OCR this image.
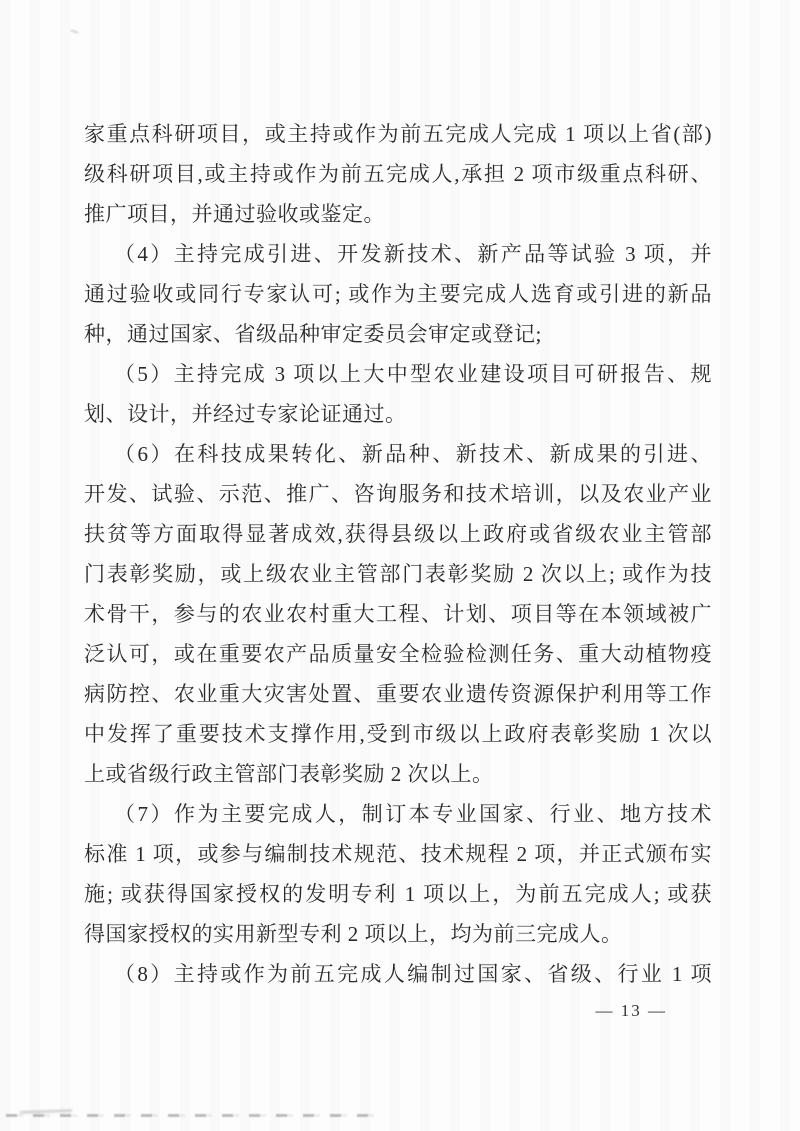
家重点科研项目，或主持或作为前五完成人完成 1 项以上省(部)
级科研项目,或主持或作为前五完成人,承担 2 项市级重点科研、
推广项目，并通过验收或鉴定。
（4）主持完成引进、开发新技术、新产品等试验 3 项，并
通过验收或同行专家认可; 或作为主要完成人选育或引进的新品
种，通过国家、省级品种审定委员会审定或登记;
（5）主持完成 3 项以上大中型农业建设项目可研报告、规
划、设计，并经过专家论证通过。
（6）在科技成果转化、新品种、新技术、新成果的引进、
开发、试验、示范、推广、咨询服务和技术培训，以及农业产业
扶贫等方面取得显著成效,获得县级以上政府或省级农业主管部
门表彰奖励，或上级农业主管部门表彰奖励 2 次以上; 或作为技
术骨干，参与的农业农村重大工程、计划、项目等在本领域被广
泛认可，或在重要农产品质量安全检验检测任务、重大动植物疫
病防控、农业重大灾害处置、重要农业遗传资源保护利用等工作
中发挥了重要技术支撑作用,受到市级以上政府表彰奖励 1 次以
上或省级行政主管部门表彰奖励 2 次以上。
（7）作为主要完成人，制订本专业国家、行业、地方技术
标准 1 项，或参与编制技术规范、技术规程 2 项，并正式颁布实
施; 或获得国家授权的发明专利 1 项以上，为前五完成人; 或获
得国家授权的实用新型专利 2 项以上，均为前三完成人。
（8）主持或作为前五完成人编制过国家、省级、行业 1 项
— 13 —
